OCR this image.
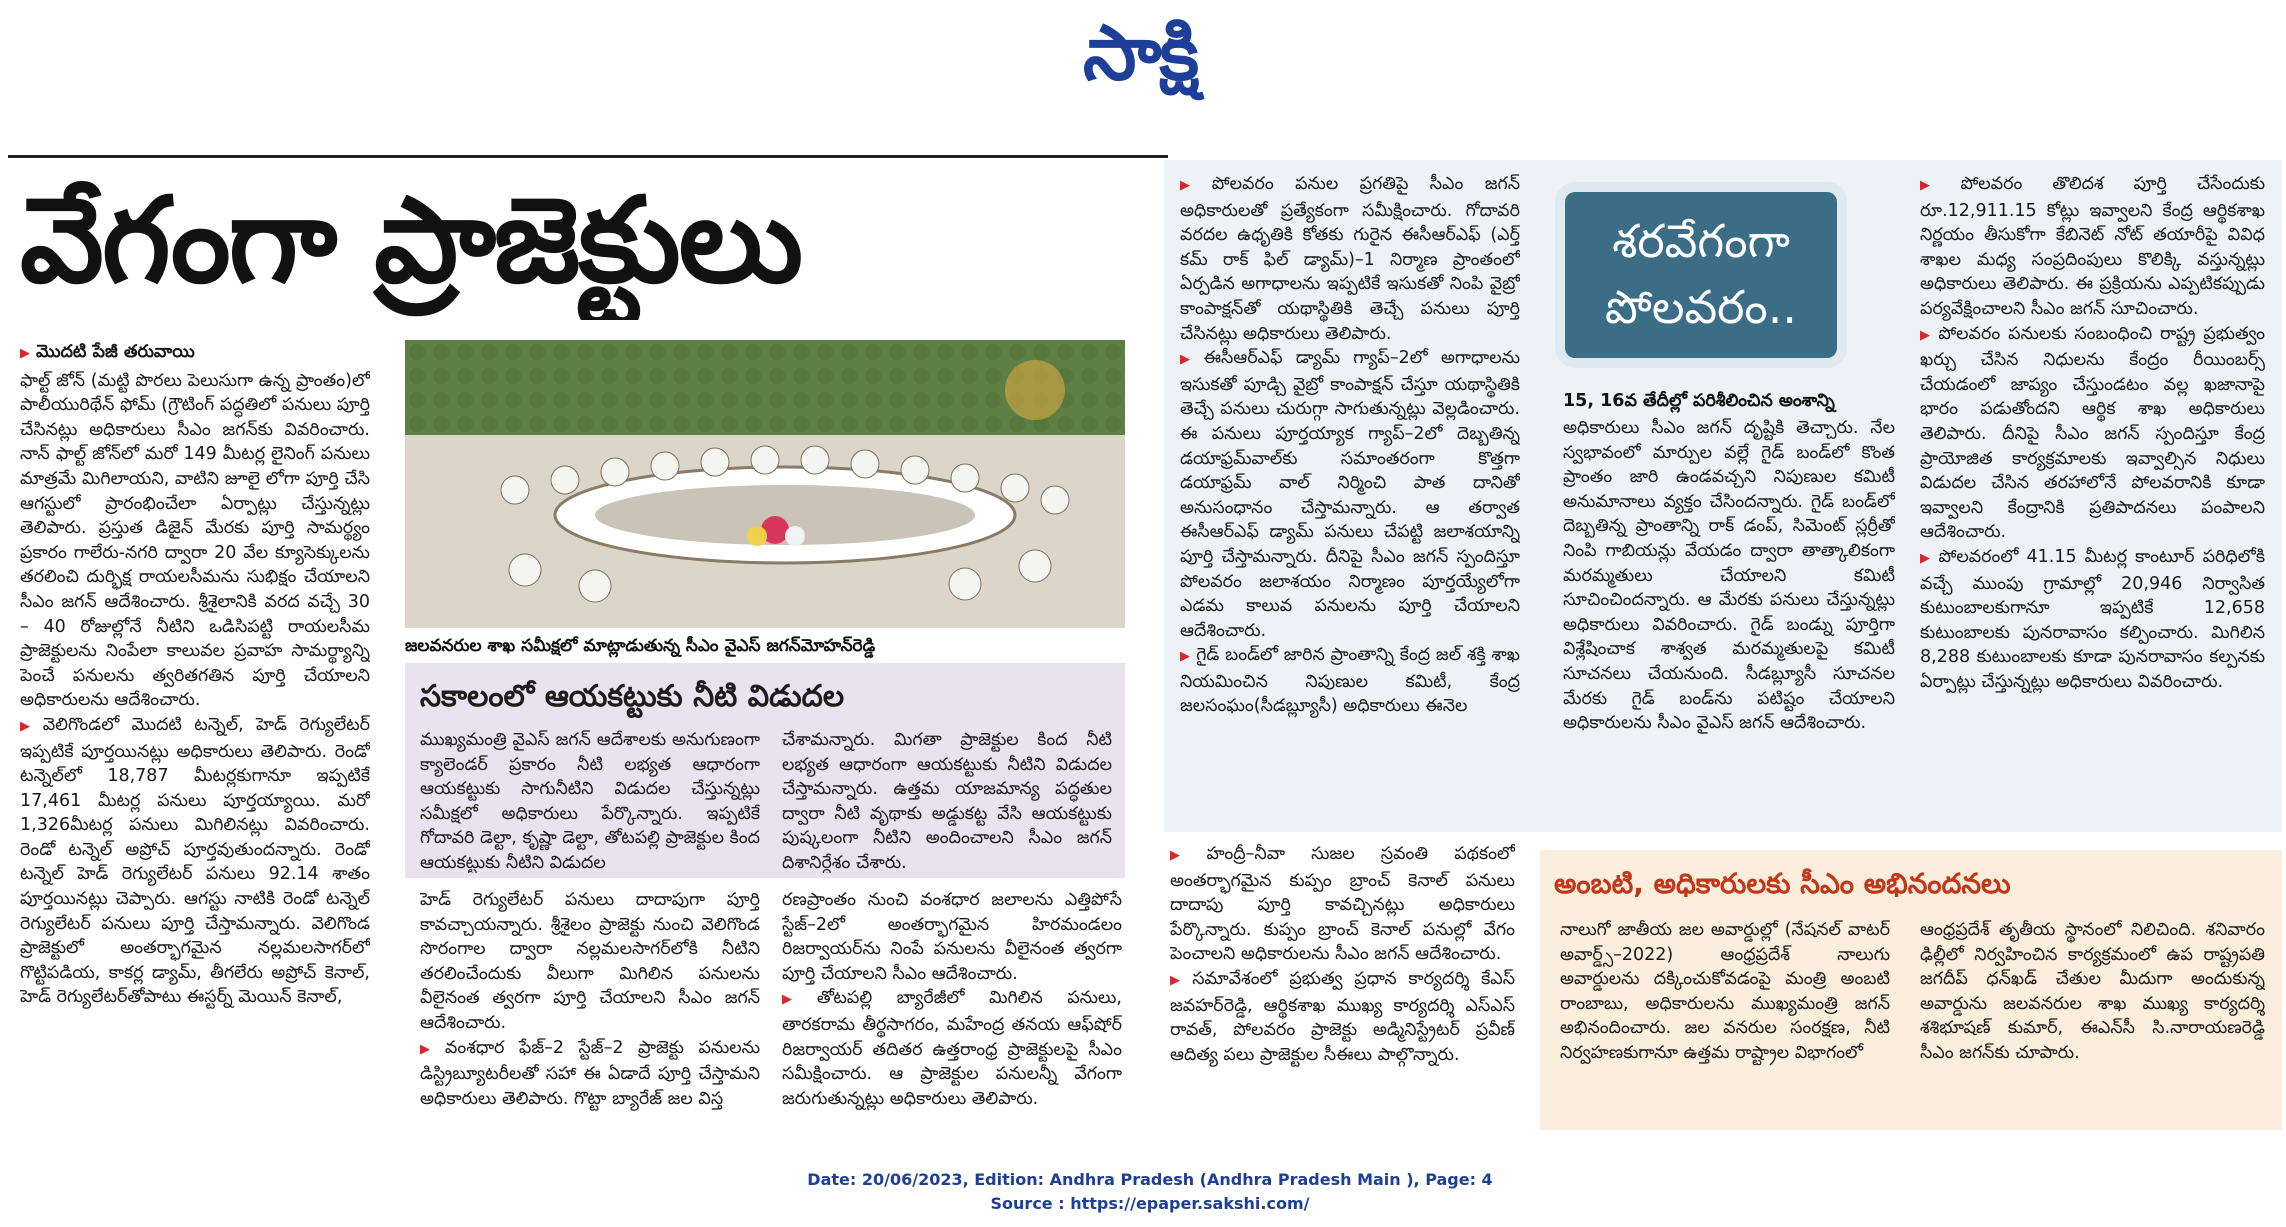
సాక్షి
వేగంగా ప్రాజెక్టులు
▶ మొదటి పేజీ తరువాయి
ఫాల్ట్ జోన్ (మట్టి పొరలు పెలుసుగా ఉన్న ప్రాంతం)లో పాలీయురిథేన్ ఫోమ్ (గ్రౌటింగ్ పద్ధతిలో పనులు పూర్తి చేసినట్లు అధికారులు సీఎం జగన్‌కు వివరించారు. నాన్ ఫాల్ట్ జోన్‌లో మరో 149 మీటర్ల లైనింగ్ పనులు మాత్రమే మిగిలాయని, వాటిని జూలై లోగా పూర్తి చేసి ఆగస్టులో ప్రారంభించేలా ఏర్పాట్లు చేస్తున్నట్లు తెలిపారు. ప్రస్తుత డిజైన్ మేరకు పూర్తి సామర్థ్యం ప్రకారం గాలేరు-నగరి ద్వారా 20 వేల క్యూసెక్కులను తరలించి దుర్భిక్ష రాయలసీమను సుభిక్షం చేయాలని సీఎం జగన్ ఆదేశించారు. శ్రీశైలానికి వరద వచ్చే 30 – 40 రోజుల్లోనే నీటిని ఒడిసిపట్టి రాయలసీమ ప్రాజెక్టులను నింపేలా కాలువల ప్రవాహ సామర్థ్యాన్ని పెంచే పనులను త్వరితగతిన పూర్తి చేయాలని అధికారులను ఆదేశించారు.
▶ వెలిగొండలో మొదటి టన్నెల్, హెడ్ రెగ్యులేటర్ ఇప్పటికే పూర్తయినట్లు అధికారులు తెలిపారు. రెండో టన్నెల్‌లో 18,787 మీటర్లకుగానూ ఇప్పటికే 17,461 మీటర్ల పనులు పూర్తయ్యాయి. మరో 1,326మీటర్ల పనులు మిగిలినట్లు వివరించారు. రెండో టన్నెల్ అప్రోచ్ పూర్తవుతుందన్నారు. రెండో టన్నెల్ హెడ్ రెగ్యులేటర్ పనులు 92.14 శాతం పూర్తయినట్లు చెప్పారు. ఆగస్టు నాటికి రెండో టన్నెల్ రెగ్యులేటర్ పనులు పూర్తి చేస్తామన్నారు. వెలిగొండ ప్రాజెక్టులో అంతర్భాగమైన నల్లమలసాగర్‌లో గొట్టిపడియ, కాకర్ల డ్యామ్, తీగలేరు అప్రోచ్ కెనాల్, హెడ్ రెగ్యులేటర్‌తోపాటు ఈస్టర్న్ మెయిన్ కెనాల్,
జలవనరుల శాఖ సమీక్షలో మాట్లాడుతున్న సీఎం వైఎస్ జగన్‌మోహన్‌రెడ్డి
సకాలంలో ఆయకట్టుకు నీటి విడుదల
ముఖ్యమంత్రి వైఎస్ జగన్ ఆదేశాలకు అనుగుణంగా క్యాలెండర్ ప్రకారం నీటి లభ్యత ఆధారంగా ఆయకట్టుకు సాగునీటిని విడుదల చేస్తున్నట్లు సమీక్షలో అధికారులు పేర్కొన్నారు. ఇప్పటికే గోదావరి డెల్టా, కృష్ణా డెల్టా, తోటపల్లి ప్రాజెక్టుల కింద ఆయకట్టుకు నీటిని విడుదల
చేశామన్నారు. మిగతా ప్రాజెక్టుల కింద నీటి లభ్యత ఆధారంగా ఆయకట్టుకు నీటిని విడుదల చేస్తామన్నారు. ఉత్తమ యాజమాన్య పద్ధతుల ద్వారా నీటి వృథాకు అడ్డుకట్ట వేసి ఆయకట్టుకు పుష్కలంగా నీటిని అందించాలని సీఎం జగన్ దిశానిర్దేశం చేశారు.
హెడ్ రెగ్యులేటర్ పనులు దాదాపుగా పూర్తి కావచ్చాయన్నారు. శ్రీశైలం ప్రాజెక్టు నుంచి వెలిగొండ సొరంగాల ద్వారా నల్లమలసాగర్‌లోకి నీటిని తరలించేందుకు వీలుగా మిగిలిన పనులను వీలైనంత త్వరగా పూర్తి చేయాలని సీఎం జగన్ ఆదేశించారు.
▶ వంశధార ఫేజ్–2 స్టేజ్–2 ప్రాజెక్టు పనులను డిస్ట్రిబ్యూటరీలతో సహా ఈ ఏడాదే పూర్తి చేస్తామని అధికారులు తెలిపారు. గొట్టా బ్యారేజ్ జల విస్త
రణప్రాంతం నుంచి వంశధార జలాలను ఎత్తిపోసే స్టేజ్–2లో అంతర్భాగమైన హిరమండలం రిజర్వాయర్‌ను నింపే పనులను వీలైనంత త్వరగా పూర్తి చేయాలని సీఎం ఆదేశించారు.
▶ తోటపల్లి బ్యారేజీలో మిగిలిన పనులు, తారకరామ తీర్థసాగరం, మహేంద్ర తనయ ఆఫ్‌షోర్ రిజర్వాయర్ తదితర ఉత్తరాంధ్ర ప్రాజెక్టులపై సీఎం సమీక్షించారు. ఆ ప్రాజెక్టుల పనులన్నీ వేగంగా జరుగుతున్నట్లు అధికారులు తెలిపారు.
▶ పోలవరం పనుల ప్రగతిపై సీఎం జగన్ అధికారులతో ప్రత్యేకంగా సమీక్షించారు. గోదావరి వరదల ఉధృతికి కోతకు గురైన ఈసీఆర్ఎఫ్ (ఎర్త్ కమ్ రాక్ ఫిల్ డ్యామ్)–1 నిర్మాణ ప్రాంతంలో ఏర్పడిన అగాధాలను ఇప్పటికే ఇసుకతో నింపి వైబ్రో కాంపాక్షన్‌తో యథాస్థితికి తెచ్చే పనులు పూర్తి చేసినట్లు అధికారులు తెలిపారు.
▶ ఈసీఆర్ఎఫ్ డ్యామ్ గ్యాప్–2లో అగాధాలను ఇసుకతో పూడ్చి వైబ్రో కాంపాక్షన్ చేస్తూ యథాస్థితికి తెచ్చే పనులు చురుగ్గా సాగుతున్నట్లు వెల్లడించారు. ఈ పనులు పూర్తయ్యాక గ్యాప్–2లో దెబ్బతిన్న డయాఫ్రమ్‌వాల్‌కు సమాంతరంగా కొత్తగా డయాఫ్రమ్ వాల్ నిర్మించి పాత దానితో అనుసంధానం చేస్తామన్నారు. ఆ తర్వాత ఈసీఆర్ఎఫ్ డ్యామ్ పనులు చేపట్టి జలాశయాన్ని పూర్తి చేస్తామన్నారు. దీనిపై సీఎం జగన్ స్పందిస్తూ పోలవరం జలాశయం నిర్మాణం పూర్తయ్యేలోగా ఎడమ కాలువ పనులను పూర్తి చేయాలని ఆదేశించారు.
▶ గైడ్ బండ్‌లో జారిన ప్రాంతాన్ని కేంద్ర జల్ శక్తి శాఖ నియమించిన నిపుణుల కమిటీ, కేంద్ర జలసంఘం(సీడబ్ల్యూసీ) అధికారులు ఈనెల
శరవేగంగా
పోలవరం..
15, 16వ తేదీల్లో పరిశీలించిన అంశాన్ని
అధికారులు సీఎం జగన్ దృష్టికి తెచ్చారు. నేల స్వభావంలో మార్పుల వల్లే గైడ్ బండ్‌లో కొంత ప్రాంతం జారి ఉండవచ్చని నిపుణుల కమిటీ అనుమానాలు వ్యక్తం చేసిందన్నారు. గైడ్ బండ్‌లో దెబ్బతిన్న ప్రాంతాన్ని రాక్ డంప్, సిమెంట్ స్లర్రీతో నింపి గాబియన్లు వేయడం ద్వారా తాత్కాలికంగా మరమ్మతులు చేయాలని కమిటీ సూచించిందన్నారు. ఆ మేరకు పనులు చేస్తున్నట్లు అధికారులు వివరించారు. గైడ్ బండ్ను పూర్తిగా విశ్లేషించాక శాశ్వత మరమ్మతులపై కమిటీ సూచనలు చేయనుంది. సీడబ్ల్యూసీ సూచనల మేరకు గైడ్ బండ్‌ను పటిష్టం చేయాలని అధికారులను సీఎం వైఎస్ జగన్ ఆదేశించారు.
▶ పోలవరం తొలిదశ పూర్తి చేసేందుకు రూ.12,911.15 కోట్లు ఇవ్వాలని కేంద్ర ఆర్థికశాఖ నిర్ణయం తీసుకోగా కేబినెట్ నోట్ తయారీపై వివిధ శాఖల మధ్య సంప్రదింపులు కొలిక్కి వస్తున్నట్లు అధికారులు తెలిపారు. ఈ ప్రక్రియను ఎప్పటికప్పుడు పర్యవేక్షించాలని సీఎం జగన్ సూచించారు.
▶ పోలవరం పనులకు సంబంధించి రాష్ట్ర ప్రభుత్వం ఖర్చు చేసిన నిధులను కేంద్రం రీయింబర్స్ చేయడంలో జాప్యం చేస్తుండటం వల్ల ఖజానాపై భారం పడుతోందని ఆర్థిక శాఖ అధికారులు తెలిపారు. దీనిపై సీఎం జగన్ స్పందిస్తూ కేంద్ర ప్రాయోజిత కార్యక్రమాలకు ఇవ్వాల్సిన నిధులు విడుదల చేసిన తరహాలోనే పోలవరానికి కూడా ఇవ్వాలని కేంద్రానికి ప్రతిపాదనలు పంపాలని ఆదేశించారు.
▶ పోలవరంలో 41.15 మీటర్ల కాంటూర్ పరిధిలోకి వచ్చే ముంపు గ్రామాల్లో 20,946 నిర్వాసిత కుటుంబాలకుగానూ ఇప్పటికే 12,658 కుటుంబాలకు పునరావాసం కల్పించారు. మిగిలిన 8,288 కుటుంబాలకు కూడా పునరావాసం కల్పనకు ఏర్పాట్లు చేస్తున్నట్లు అధికారులు వివరించారు.
▶ హంద్రీ–నీవా సుజల స్రవంతి పథకంలో అంతర్భాగమైన కుప్పం బ్రాంచ్ కెనాల్ పనులు దాదాపు పూర్తి కావచ్చినట్లు అధికారులు పేర్కొన్నారు. కుప్పం బ్రాంచ్ కెనాల్ పనుల్లో వేగం పెంచాలని అధికారులను సీఎం జగన్ ఆదేశించారు.
▶ సమావేశంలో ప్రభుత్వ ప్రధాన కార్యదర్శి కేఎస్ జవహర్‌రెడ్డి, ఆర్థికశాఖ ముఖ్య కార్యదర్శి ఎస్ఎస్ రావత్, పోలవరం ప్రాజెక్టు అడ్మినిస్ట్రేటర్ ప్రవీణ్ ఆదిత్య పలు ప్రాజెక్టుల సీఈలు పాల్గొన్నారు.
అంబటి, అధికారులకు సీఎం అభినందనలు
నాలుగో జాతీయ జల అవార్డుల్లో (నేషనల్ వాటర్ అవార్డ్స్–2022) ఆంధ్రప్రదేశ్ నాలుగు అవార్డులను దక్కించుకోవడంపై మంత్రి అంబటి రాంబాబు, అధికారులను ముఖ్యమంత్రి జగన్ అభినందించారు. జల వనరుల సంరక్షణ, నీటి నిర్వహణకుగానూ ఉత్తమ రాష్ట్రాల విభాగంలో
ఆంధ్రప్రదేశ్ తృతీయ స్థానంలో నిలిచింది. శనివారం ఢిల్లీలో నిర్వహించిన కార్యక్రమంలో ఉప రాష్ట్రపతి జగదీప్ ధన్‌ఖడ్ చేతుల మీదుగా అందుకున్న అవార్డును జలవనరుల శాఖ ముఖ్య కార్యదర్శి శశిభూషణ్ కుమార్, ఈఎన్‌సీ సి.నారాయణరెడ్డి సీఎం జగన్‌కు చూపారు.
Date: 20/06/2023, Edition: Andhra Pradesh (Andhra Pradesh Main ), Page: 4
Source : https://epaper.sakshi.com/
